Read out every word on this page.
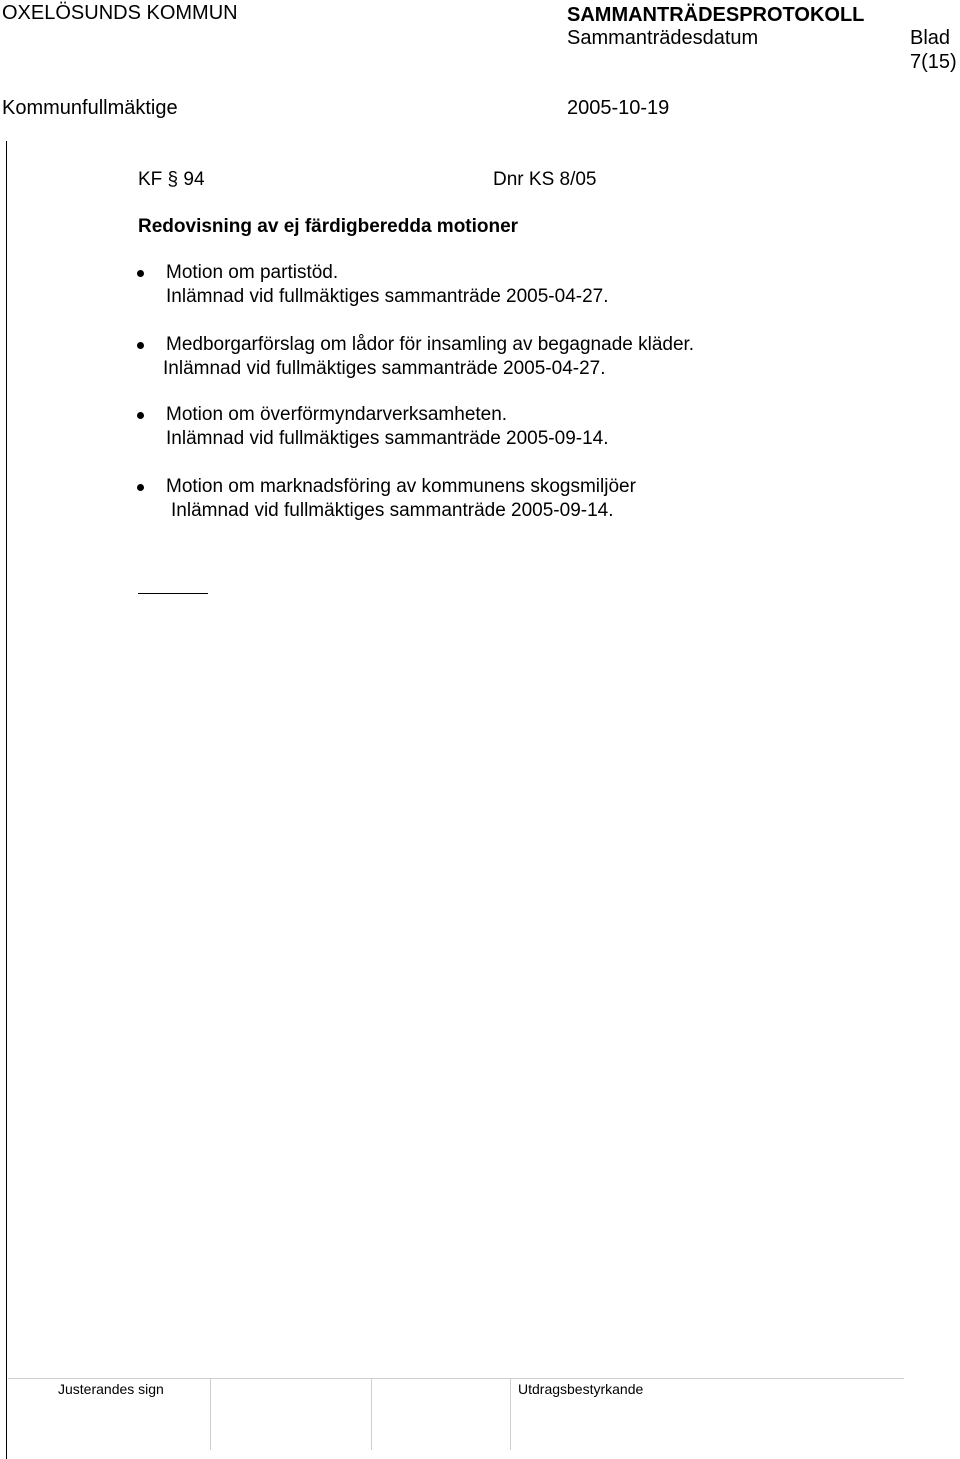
OXELÖSUNDS KOMMUN	SAMMANTRÄDESPROTOKOLL
Sammanträdesdatum	Blad
7(15)
Kommunfullmäktige	2005-10-19
KF § 94	Dnr KS 8/05
Redovisning av ej färdigberedda motioner
Motion om partistöd.
Inlämnad vid fullmäktiges sammanträde 2005-04-27.
Medborgarförslag om lådor för insamling av begagnade kläder.
Inlämnad vid fullmäktiges sammanträde 2005-04-27.
Motion om överförmyndarverksamheten.
Inlämnad vid fullmäktiges sammanträde 2005-09-14.
Motion om marknadsföring av kommunens skogsmiljöer
Inlämnad vid fullmäktiges sammanträde 2005-09-14.
Justerandes sign	Utdragsbestyrkande
